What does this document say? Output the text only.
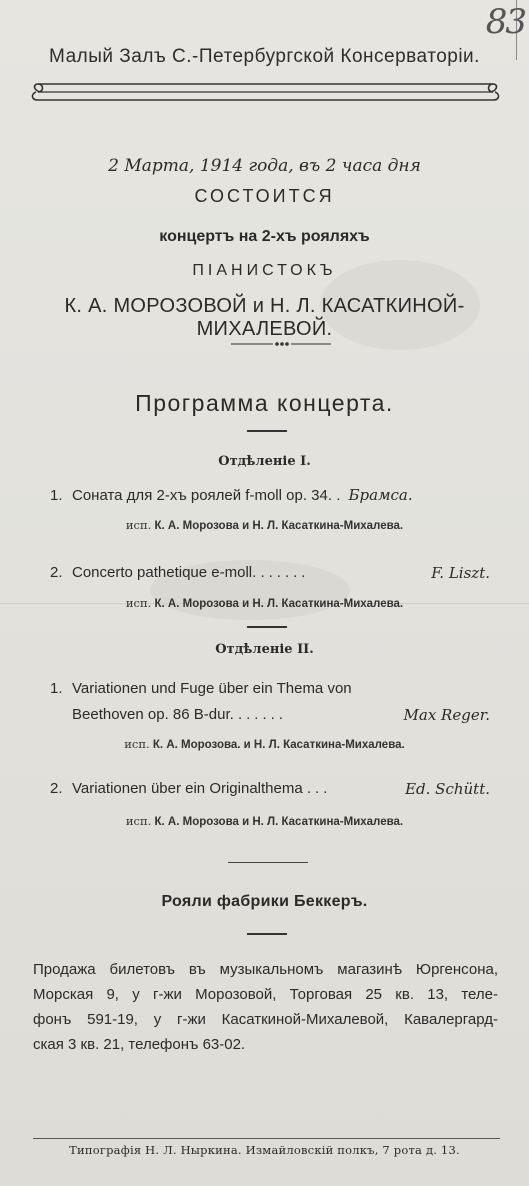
83
Малый Залъ С.-Петербургской Консерваторіи.
2 Марта, 1914 года, въ 2 часа дня
СОСТОИТСЯ
концертъ на 2-хъ рояляхъ
ПІАНИСТОКЪ
К. А. МОРОЗОВОЙ и Н. Л. КАСАТКИНОЙ-МИХАЛЕВОЙ.
Программа концерта.
Отдѣленіе I.
1. Соната для 2-хъ роялей f-moll op. 34. . Брамса.
исп. К. А. Морозова и Н. Л. Касаткина-Михалева.
2. Concerto pathetique e-moll. ......	F. Liszt.
исп. К. А. Морозова и Н. Л. Касаткина-Михалева.
Отдѣленіе II.
1. Variationen und Fuge über ein Thema von
Beethoven op. 86 B-dur. ......	Max Reger.
исп. К. А. Морозова. и Н. Л. Касаткина-Михалева.
2. Variationen über ein Originalthema ...	Ed. Schütt.
исп. К. А. Морозова и Н. Л. Касаткина-Михалева.
Рояли фабрики Беккеръ.
Продажа билетовъ въ музыкальномъ магазинѣ Юргенсона,
Морская 9, у г-жи Морозовой, Торговая 25 кв. 13, теле-
фонъ 591-19, у г-жи Касаткиной-Михалевой, Кавалергард-
ская 3 кв. 21, телефонъ 63-02.
Типографія Н. Л. Ныркина. Измайловскій полкъ, 7 рота д. 13.
